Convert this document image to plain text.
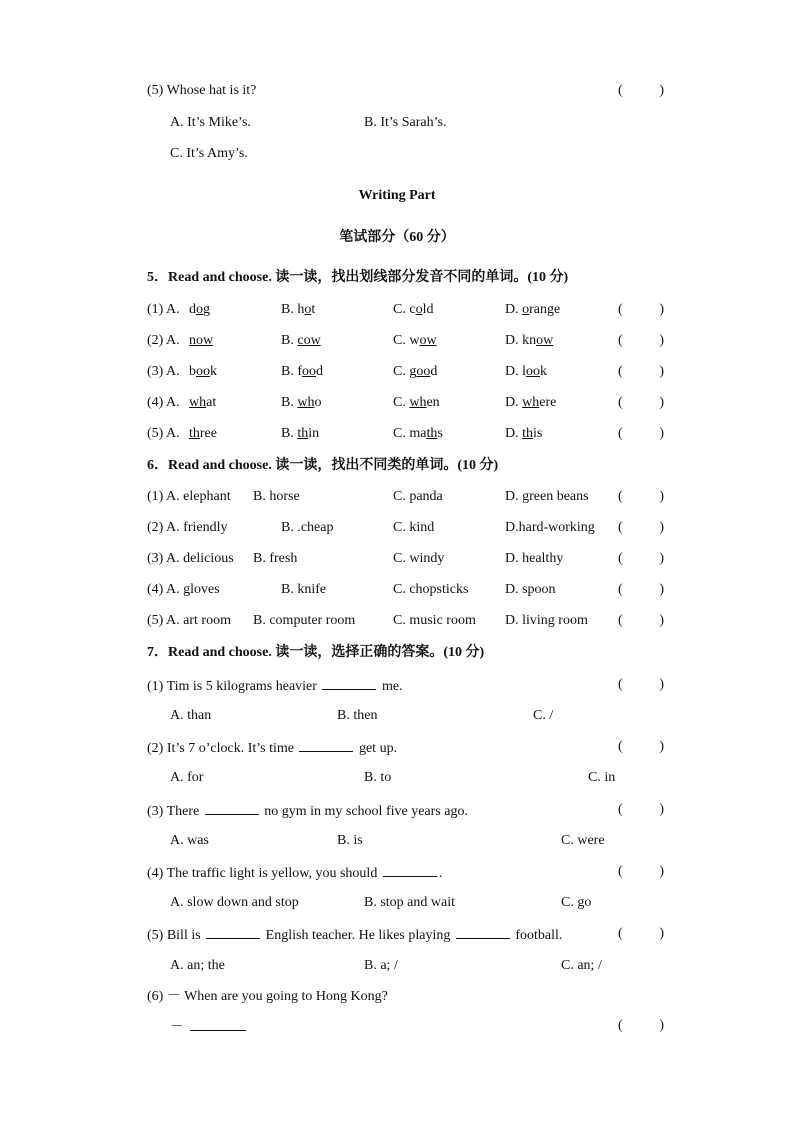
(5) Whose hat is it?
A. It’s Mike’s.	B. It’s Sarah’s.
C. It’s Amy’s.
Writing Part
笔试部分（60 分）
5．Read and choose. 读一读，找出划线部分发音不同的单词。(10 分)
(1) A. dog	B. hot	C. cold	D. orange
(2) A. now	B. cow	C. wow	D. know
(3) A. book	B. food	C. good	D. look
(4) A. what	B. who	C. when	D. where
(5) A. three	B. thin	C. maths	D. this
6．Read and choose. 读一读，找出不同类的单词。(10 分)
(1) A. elephant B. horse	C. panda	D. green beans
(2) A. friendly	B. .cheap	C. kind	D.hard-working
(3) A. delicious B. fresh	C. windy	D. healthy
(4) A. gloves	B. knife	C. chopsticks	D. spoon
(5) A. art room B. computer room	C. music room D. living room
7．Read and choose. 读一读，选择正确的答案。(10 分)
(1) Tim is 5 kilograms heavier	me.
A. than	B. then	C. /
(2) It’s 7 o’clock. It’s time	get up.
A. for	B. to	C. in
(3) There	no gym in my school five years ago.
A. was	B. is	C. were
(4) The traffic light is yellow, you should	.
A. slow down and stop	B. stop and wait	C. go
(5) Bill is	English teacher. He likes playing	football.
A. an; the	B. a; /	C. an; /
(6) － When are you going to Hong Kong?
－
